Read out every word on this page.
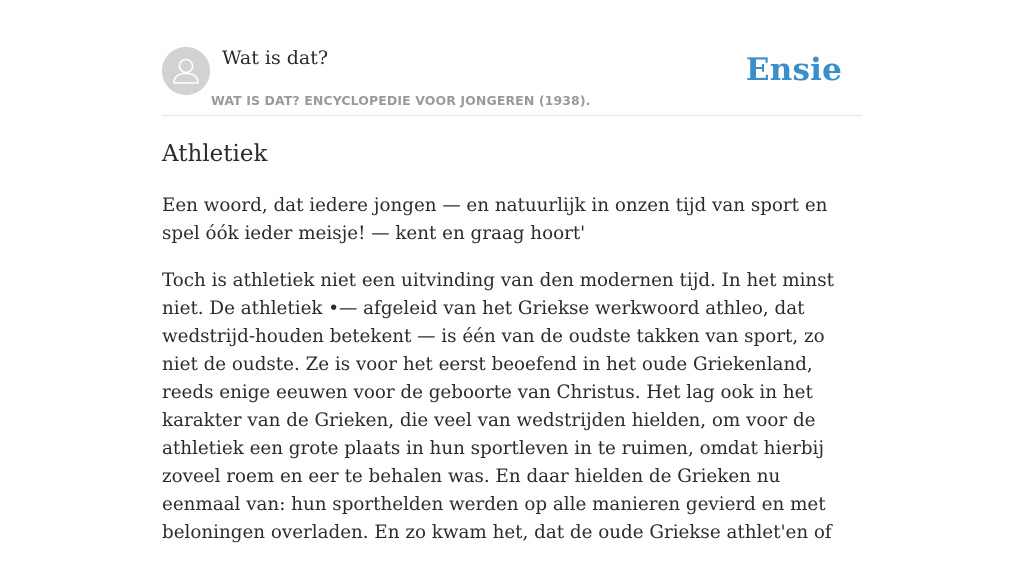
Wat is dat?
WAT IS DAT? ENCYCLOPEDIE VOOR JONGEREN (1938).
Ensie
Athletiek

Een woord, dat iedere jongen — en natuurlijk in onzen tijd van sport en spel óók ieder meisje! — kent en graag hoort'

Toch is athletiek niet een uitvinding van den modernen tijd. In het minst niet. De athletiek •— afgeleid van het Griekse werkwoord athleo, dat wedstrijd-houden betekent — is één van de oudste takken van sport, zo niet de oudste. Ze is voor het eerst beoefend in het oude Griekenland, reeds enige eeuwen voor de geboorte van Christus. Het lag ook in het karakter van de Grieken, die veel van wedstrijden hielden, om voor de athletiek een grote plaats in hun sportleven in te ruimen, omdat hierbij zoveel roem en eer te behalen was. En daar hielden de Grieken nu eenmaal van: hun sporthelden werden op alle manieren gevierd en met beloningen overladen. En zo kwam het, dat de oude Griekse athlet'en of
